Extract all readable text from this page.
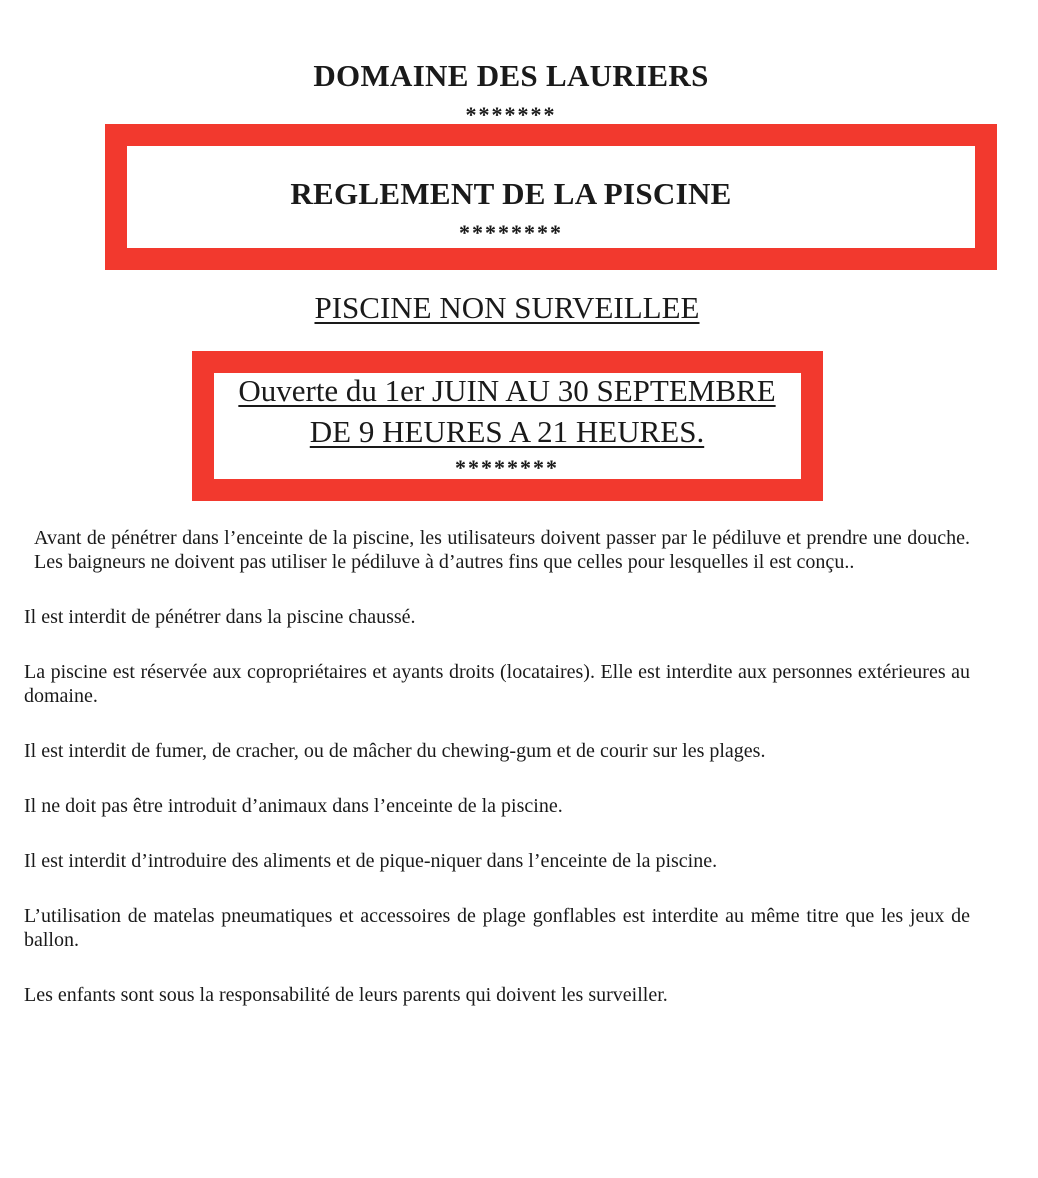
DOMAINE DES LAURIERS
*******
REGLEMENT DE LA PISCINE
********
PISCINE NON SURVEILLEE
Ouverte du 1er JUIN AU 30 SEPTEMBRE
DE 9 HEURES A 21 HEURES.
********

Avant de pénétrer dans l’enceinte de la piscine, les utilisateurs doivent passer par le pédiluve et prendre une douche. Les baigneurs ne doivent pas utiliser le pédiluve à d’autres fins que celles pour lesquelles il est conçu..

Il est interdit de pénétrer dans la piscine chaussé.

La piscine est réservée aux copropriétaires et ayants droits (locataires). Elle est interdite aux personnes extérieures au domaine.

Il est interdit de fumer, de cracher, ou de mâcher du chewing-gum et de courir sur les plages.

Il ne doit pas être introduit d’animaux dans l’enceinte de la piscine.

Il est interdit d’introduire des aliments et de pique-niquer dans l’enceinte de la piscine.

L’utilisation de matelas pneumatiques et accessoires de plage gonflables est interdite au même titre que les jeux de ballon.

Les enfants sont sous la responsabilité de leurs parents qui doivent les surveiller.
